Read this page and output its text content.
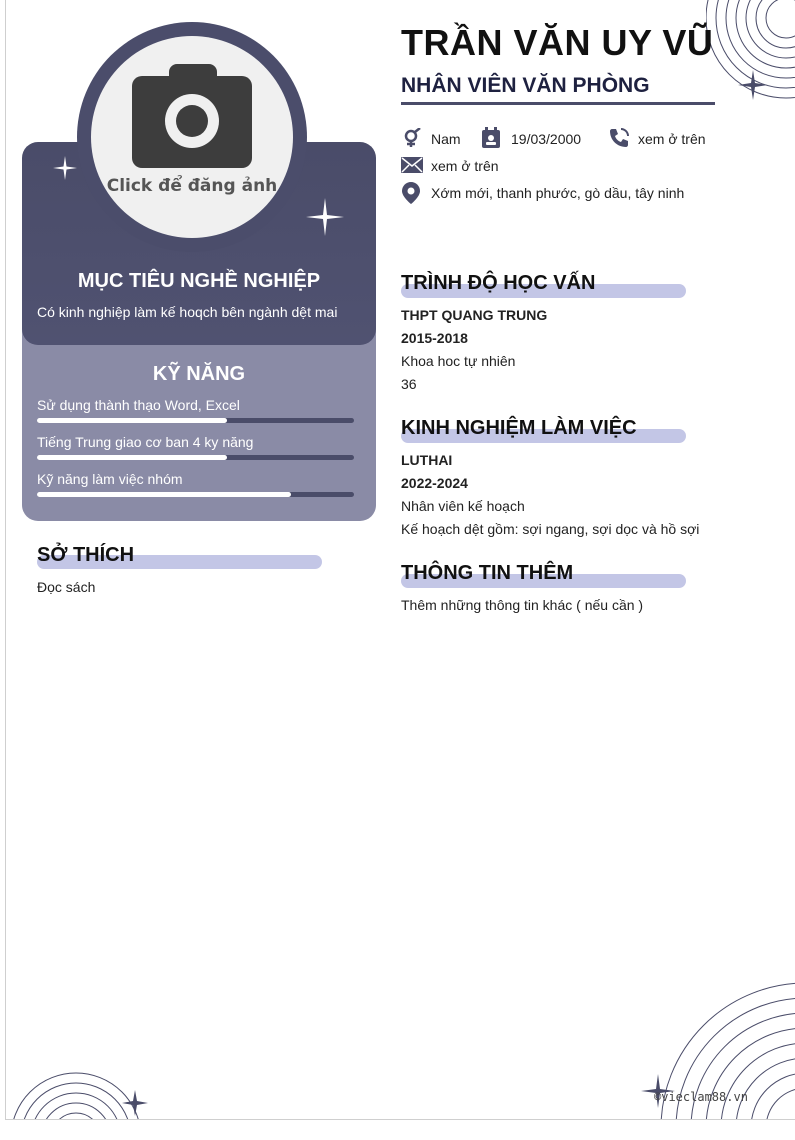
Click để đăng ảnh
MỤC TIÊU NGHỀ NGHIỆP
Có kinh nghiệp làm kế hoqch bên ngành dệt mai
KỸ NĂNG
Sử dụng thành thạo Word, Excel
Tiếng Trung giao cơ ban 4 ky năng
Kỹ năng làm việc nhóm
SỞ THÍCH
Đọc sách
TRẦN VĂN UY VŨ
NHÂN VIÊN VĂN PHÒNG
Nam	19/03/2000	xem ở trên
xem ở trên
Xớm mới, thanh phước, gò dầu, tây ninh
TRÌNH ĐỘ HỌC VẤN
THPT QUANG TRUNG
2015-2018
Khoa hoc tự nhiên
36
KINH NGHIỆM LÀM VIỆC
LUTHAI
2022-2024
Nhân viên kế hoạch
Kế hoạch dệt gồm: sợi ngang, sợi dọc và hồ sợi
THÔNG TIN THÊM
Thêm những thông tin khác ( nếu cần )
©vieclam88.vn
